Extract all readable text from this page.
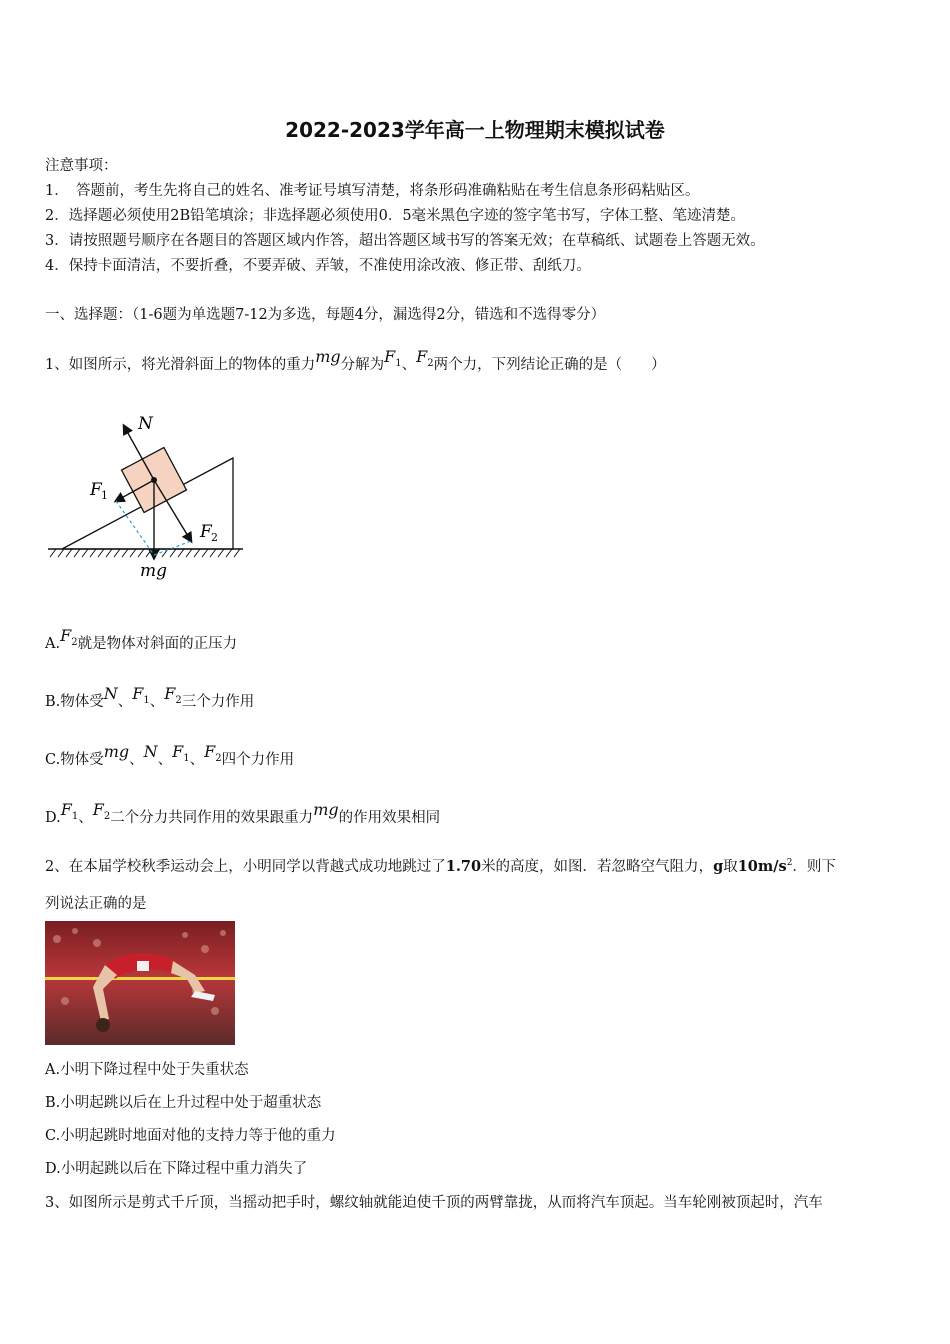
2022-2023学年高一上物理期末模拟试卷
注意事项：
1．　答题前，考生先将自己的姓名、准考证号填写清楚，将条形码准确粘贴在考生信息条形码粘贴区。
2．选择题必须使用2B铅笔填涂；非选择题必须使用0．5毫米黑色字迹的签字笔书写，字体工整、笔迹清楚。
3．请按照题号顺序在各题目的答题区域内作答，超出答题区域书写的答案无效；在草稿纸、试题卷上答题无效。
4．保持卡面清洁，不要折叠，不要弄破、弄皱，不准使用涂改液、修正带、刮纸刀。
一、选择题：（1-6题为单选题7-12为多选，每题4分，漏选得2分，错选和不选得零分）
1、如图所示，将光滑斜面上的物体的重力mg分解为$F_1$、$F_2$两个力，下列结论正确的是（　　）
N
F 1
F 2
mg
$A.F_2$就是物体对斜面的正压力
B.物体受N、$F_1$、$F_2$三个力作用
C.物体受mg、N、$F_1$、$F_2$四个力作用
$D.F_1$、$F_2$二个分力共同作用的效果跟重力mg的作用效果相同
2、在本届学校秋季运动会上，小明同学以背越式成功地跳过了1.70米的高度，如图．若忽略空气阻力，g取$10m/s^2$．则下
列说法正确的是
A.小明下降过程中处于失重状态
B.小明起跳以后在上升过程中处于超重状态
C.小明起跳时地面对他的支持力等于他的重力
D.小明起跳以后在下降过程中重力消失了
3、如图所示是剪式千斤顶，当摇动把手时，螺纹轴就能迫使千顶的两臂靠拢，从而将汽车顶起。当车轮刚被顶起时，汽车
